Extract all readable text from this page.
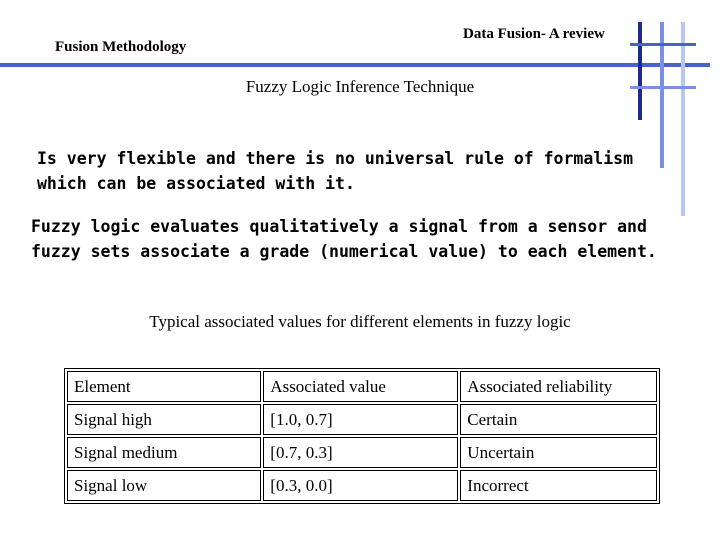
Fusion Methodology
Data Fusion- A review
Fuzzy Logic Inference Technique

Is very flexible and there is no universal rule of formalism which can be associated with it.

Fuzzy logic evaluates qualitatively a signal from a sensor and fuzzy sets associate a grade (numerical value) to each element.

Typical associated values for different elements in fuzzy logic
Element	Associated value	Associated reliability
Signal high	[1.0, 0.7]	Certain
Signal medium	[0.7, 0.3]	Uncertain
Signal low	[0.3, 0.0]	Incorrect
